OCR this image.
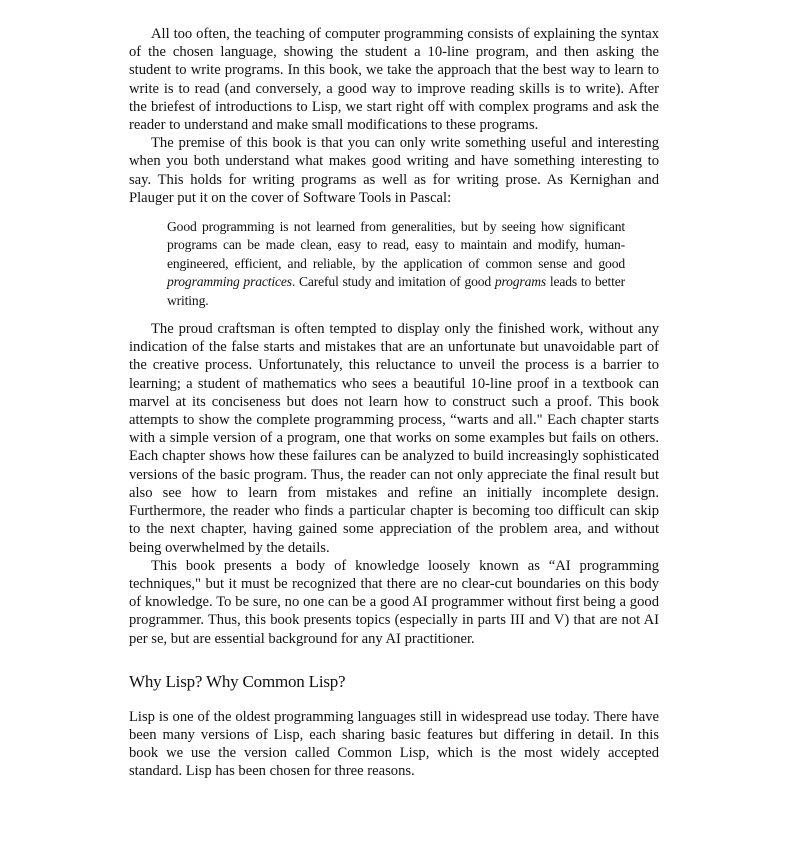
All too often, the teaching of computer programming consists of explaining the syntax of the chosen language, showing the student a 10-line program, and then asking the student to write programs. In this book, we take the approach that the best way to learn to write is to read (and conversely, a good way to improve reading skills is to write). After the briefest of introductions to Lisp, we start right off with complex programs and ask the reader to understand and make small modifications to these programs.

The premise of this book is that you can only write something useful and interesting when you both understand what makes good writing and have something interesting to say. This holds for writing programs as well as for writing prose. As Kernighan and Plauger put it on the cover of Software Tools in Pascal:

Good programming is not learned from generalities, but by seeing how significant programs can be made clean, easy to read, easy to maintain and modify, human-engineered, efficient, and reliable, by the application of common sense and good programming practices. Careful study and imitation of good programs leads to better writing.

The proud craftsman is often tempted to display only the finished work, without any indication of the false starts and mistakes that are an unfortunate but unavoidable part of the creative process. Unfortunately, this reluctance to unveil the process is a barrier to learning; a student of mathematics who sees a beautiful 10-line proof in a textbook can marvel at its conciseness but does not learn how to construct such a proof. This book attempts to show the complete programming process, “warts and all." Each chapter starts with a simple version of a program, one that works on some examples but fails on others. Each chapter shows how these failures can be analyzed to build increasingly sophisticated versions of the basic program. Thus, the reader can not only appreciate the final result but also see how to learn from mistakes and refine an initially incomplete design. Furthermore, the reader who finds a particular chapter is becoming too difficult can skip to the next chapter, having gained some appreciation of the problem area, and without being overwhelmed by the details.

This book presents a body of knowledge loosely known as “AI programming techniques," but it must be recognized that there are no clear-cut boundaries on this body of knowledge. To be sure, no one can be a good AI programmer without first being a good programmer. Thus, this book presents topics (especially in parts III and V) that are not AI per se, but are essential background for any AI practitioner.

Why Lisp? Why Common Lisp?

Lisp is one of the oldest programming languages still in widespread use today. There have been many versions of Lisp, each sharing basic features but differing in detail. In this book we use the version called Common Lisp, which is the most widely accepted standard. Lisp has been chosen for three reasons.
